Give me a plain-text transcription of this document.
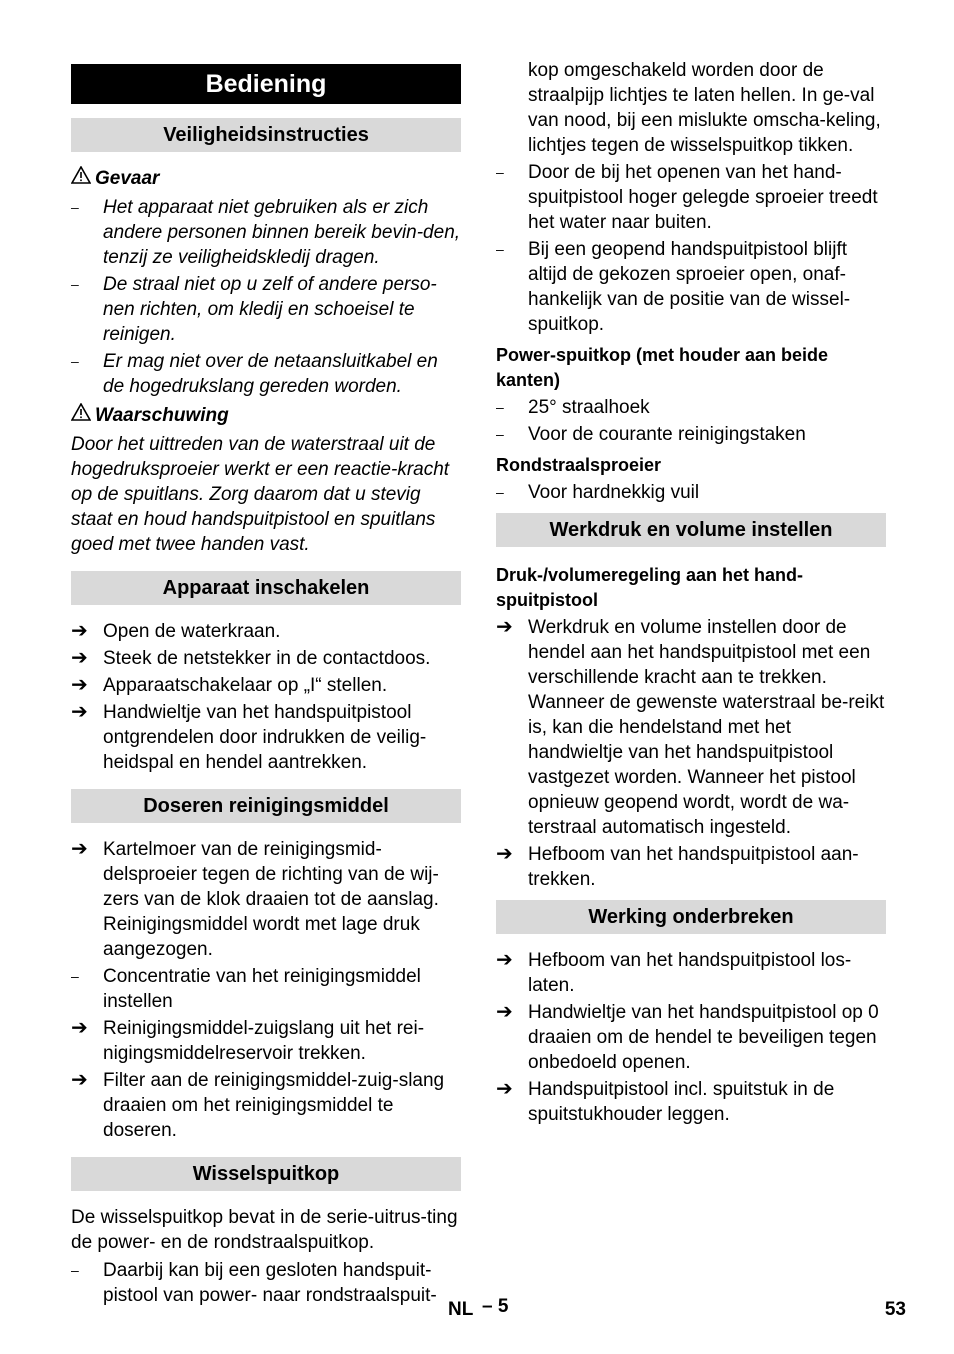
Bediening
Veiligheidsinstructies
Gevaar
–	Het apparaat niet gebruiken als er zich andere personen binnen bereik bevin-den, tenzij ze veiligheidskledij dragen.
–	De straal niet op u zelf of andere perso-nen richten, om kledij en schoeisel te reinigen.
–	Er mag niet over de netaansluitkabel en de hogedrukslang gereden worden.
Waarschuwing
Door het uittreden van de waterstraal uit de hogedruksproeier werkt er een reactie-kracht op de spuitlans. Zorg daarom dat u stevig staat en houd handspuitpistool en spuitlans goed met twee handen vast.
Apparaat inschakelen
➔ Open de waterkraan.
➔ Steek de netstekker in de contactdoos.
➔ Apparaatschakelaar op „I“ stellen.
➔ Handwieltje van het handspuitpistool ontgrendelen door indrukken de veilig-heidspal en hendel aantrekken.
Doseren reinigingsmiddel
➔ Kartelmoer van de reinigingsmid-delsproeier tegen de richting van de wij-zers van de klok draaien tot de aanslag. Reinigingsmiddel wordt met lage druk aangezogen.
–	Concentratie van het reinigingsmiddel instellen
➔ Reinigingsmiddel-zuigslang uit het rei-nigingsmiddelreservoir trekken.
➔ Filter aan de reinigingsmiddel-zuig-slang draaien om het reinigingsmiddel te doseren.
Wisselspuitkop
De wisselspuitkop bevat in de serie-uitrus-ting de power- en de rondstraalspuitkop.
–	Daarbij kan bij een gesloten handspuit-pistool van power- naar rondstraalspuit-
kop omgeschakeld worden door de straalpijp lichtjes te laten hellen. In ge-val van nood, bij een mislukte omscha-keling, lichtjes tegen de wisselspuitkop tikken.
–	Door de bij het openen van het hand-spuitpistool hoger gelegde sproeier treedt het water naar buiten.
–	Bij een geopend handspuitpistool blijft altijd de gekozen sproeier open, onaf-hankelijk van de positie van de wissel-spuitkop.
Power-spuitkop (met houder aan beide kanten)
–	25° straalhoek
–	Voor de courante reinigingstaken
Rondstraalsproeier
–	Voor hardnekkig vuil
Werkdruk en volume instellen
Druk-/volumeregeling aan het hand-spuitpistool
➔ Werkdruk en volume instellen door de hendel aan het handspuitpistool met een verschillende kracht aan te trekken. Wanneer de gewenste waterstraal be-reikt is, kan die hendelstand met het handwieltje van het handspuitpistool vastgezet worden. Wanneer het pistool opnieuw geopend wordt, wordt de wa-terstraal automatisch ingesteld.
➔ Hefboom van het handspuitpistool aan-trekken.
Werking onderbreken
➔ Hefboom van het handspuitpistool los-laten.
➔ Handwieltje van het handspuitpistool op 0 draaien om de hendel te beveiligen tegen onbedoeld openen.
➔ Handspuitpistool incl. spuitstuk in de spuitstukhouder leggen.
NL – 5	53
